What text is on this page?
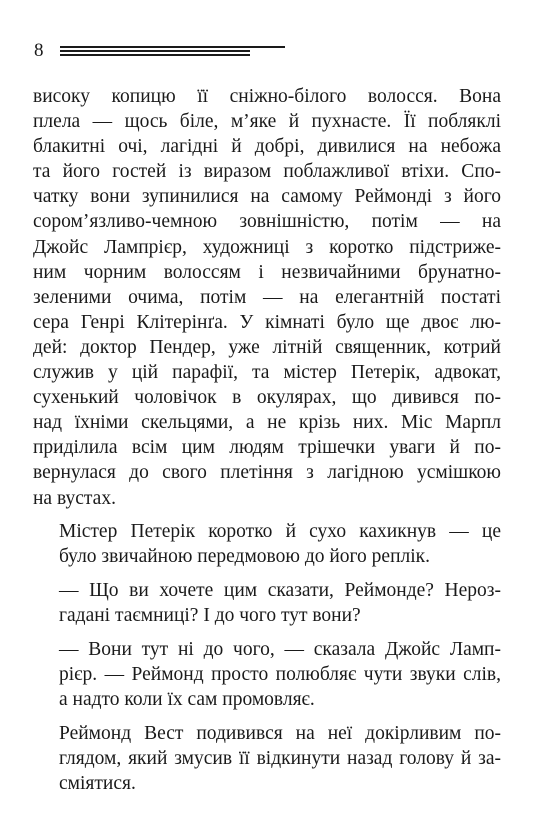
8

високу копицю її сніжно-білого волосся. Вона
плела — щось біле, м’яке й пухнасте. Її побляклі
блакитні очі, лагідні й добрі, дивилися на небожа
та його гостей із виразом поблажливої втіхи. Спо-
чатку вони зупинилися на самому Реймонді з його
сором’язливо-чемною зовнішністю, потім — на
Джойс Лампрієр, художниці з коротко підстриже-
ним чорним волоссям і незвичайними брунатно-
зеленими очима, потім — на елегантній постаті
сера Генрі Клітерінґа. У кімнаті було ще двоє лю-
дей: доктор Пендер, уже літній священник, котрий
служив у цій парафії, та містер Петерік, адвокат,
сухенький чоловічок в окулярах, що дивився по-
над їхніми скельцями, а не крізь них. Міс Марпл
приділила всім цим людям трішечки уваги й по-
вернулася до свого плетіння з лагідною усмішкою
на вустах.

Містер Петерік коротко й сухо кахикнув — це
було звичайною передмовою до його реплік.

— Що ви хочете цим сказати, Реймонде? Нероз-
гадані таємниці? І до чого тут вони?

— Вони тут ні до чого, — сказала Джойс Ламп-
рієр. — Реймонд просто полюбляє чути звуки слів,
а надто коли їх сам промовляє.

Реймонд Вест подивився на неї докірливим по-
глядом, який змусив її відкинути назад голову й за-
сміятися.
